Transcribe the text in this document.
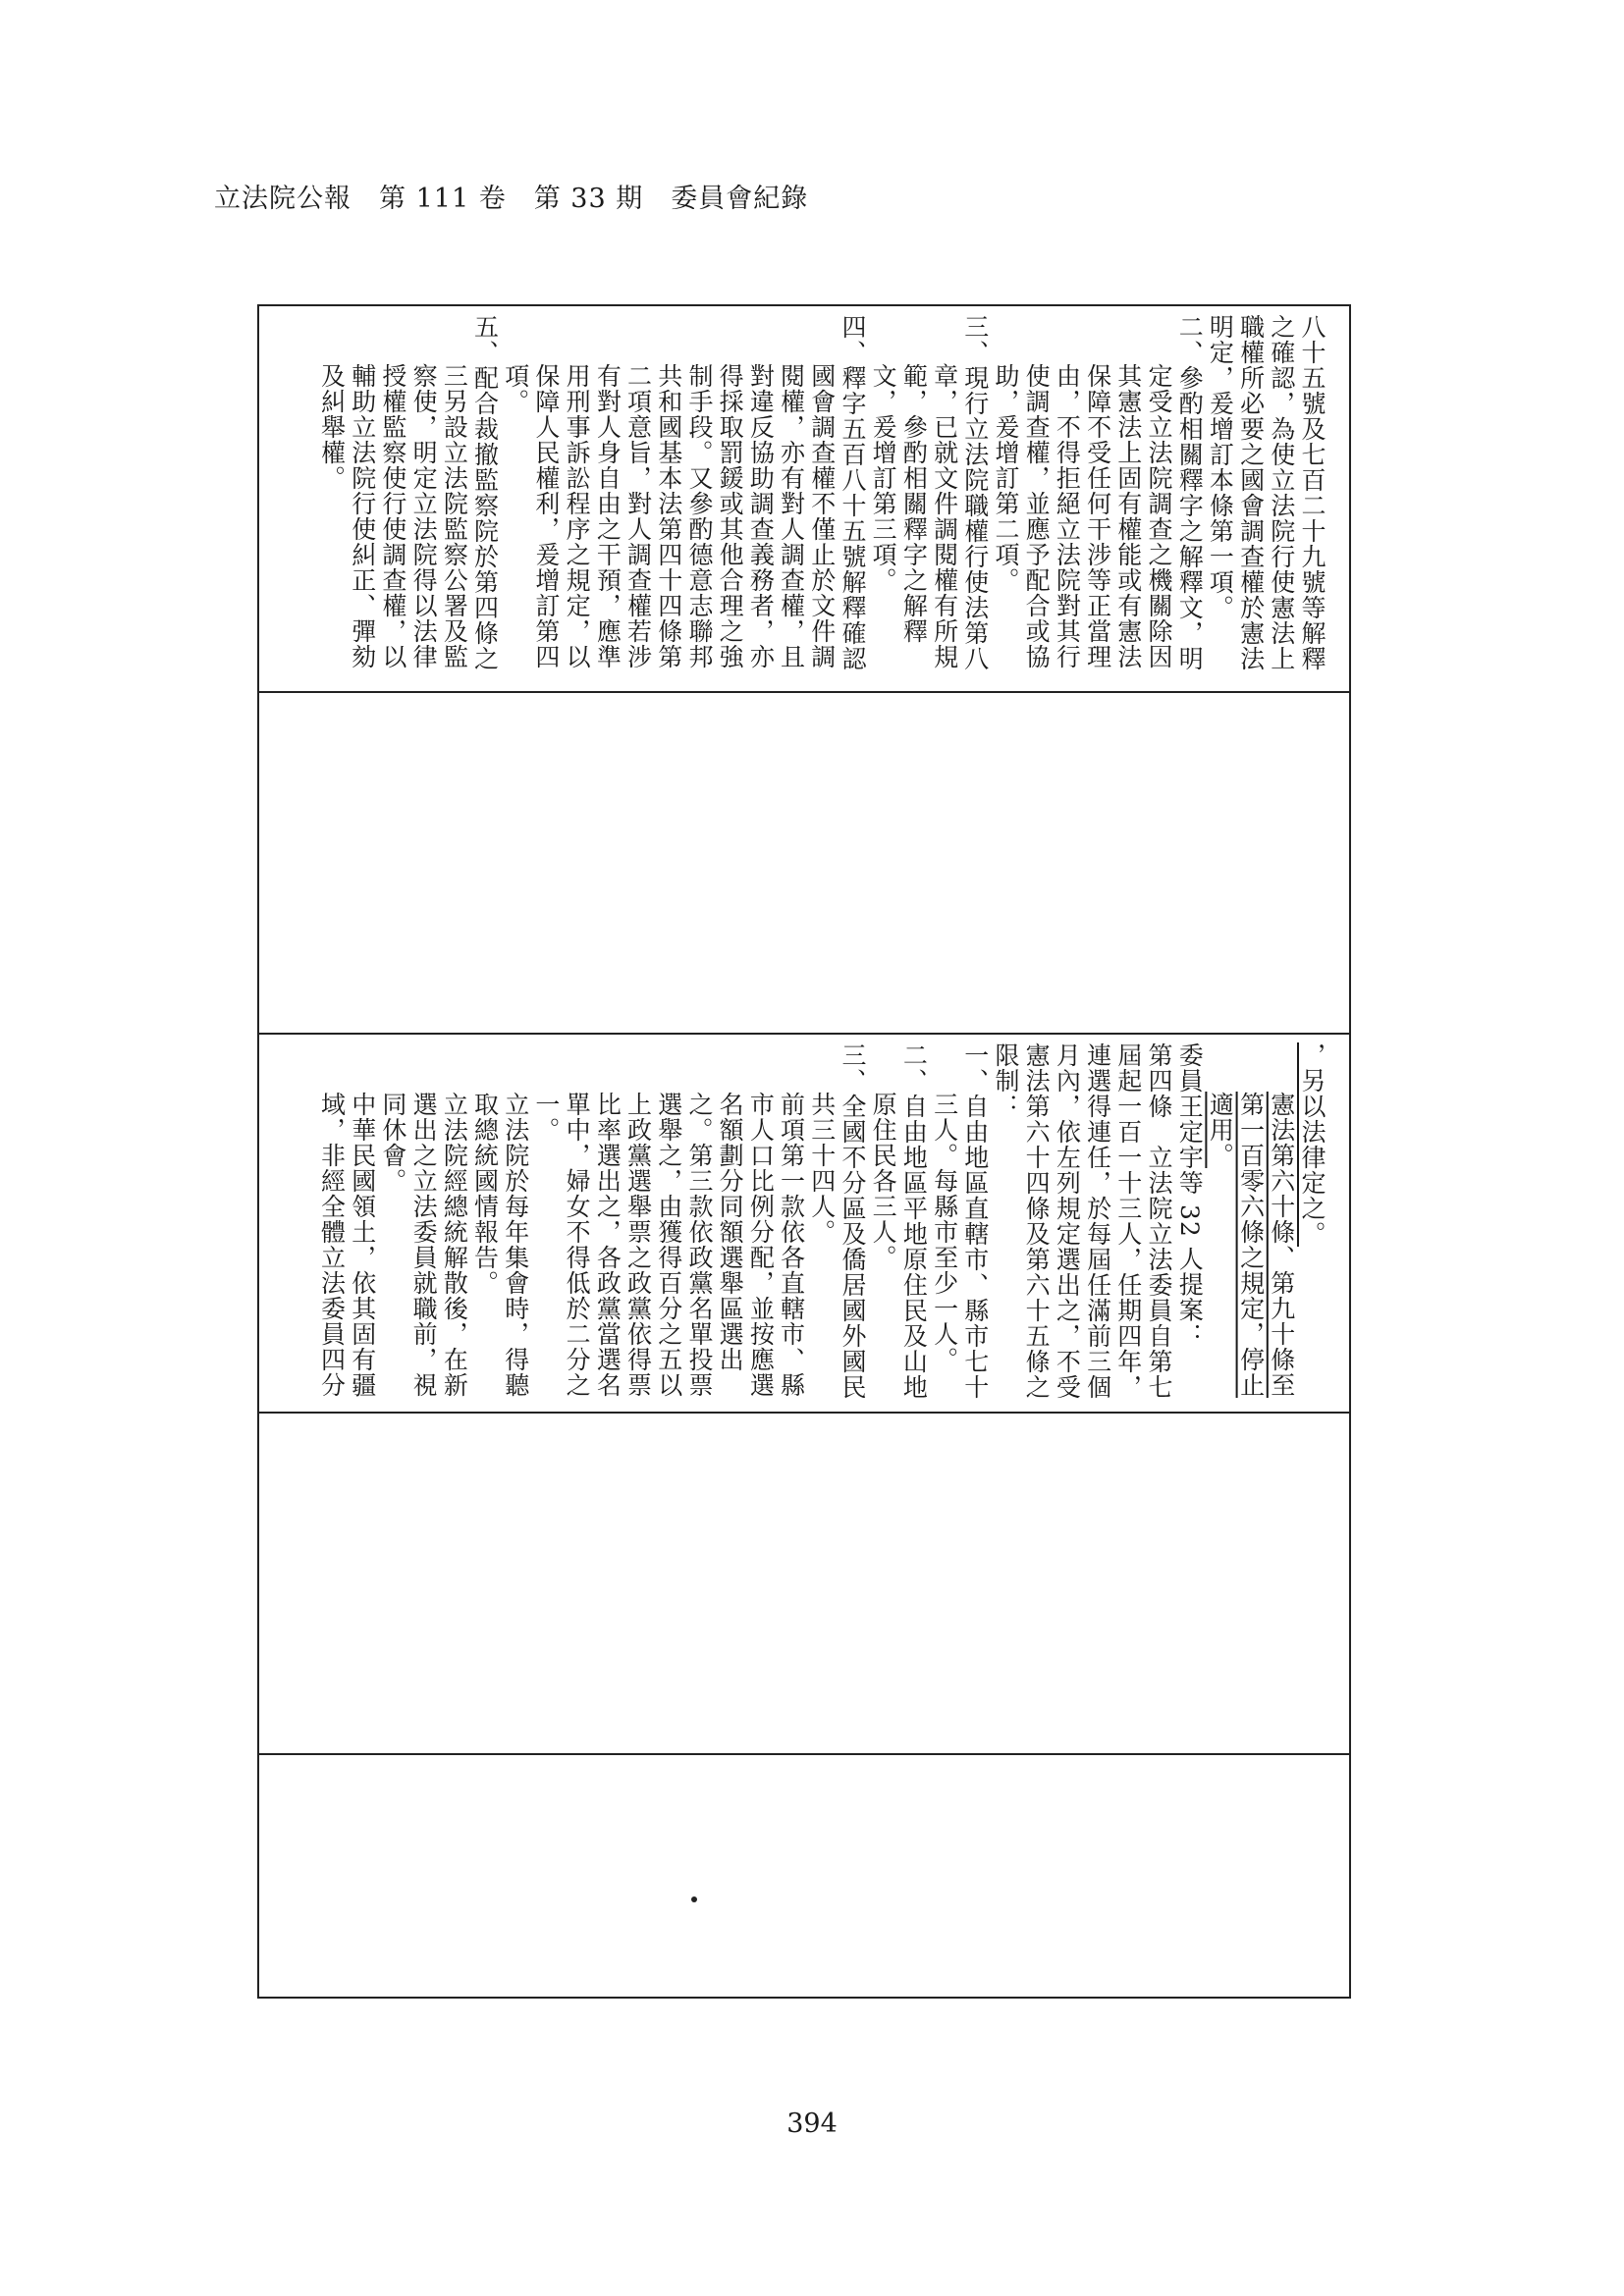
立法院公報　第 111 卷　第 33 期　委員會紀錄

八十五號及七百二十九號等解釋之確認，為使立法院行使憲法上職權所必要之國會調查權於憲法明定，爰增訂本條第一項。

二、參酌相關釋字之解釋文，明定受立法院調查之機關除因其憲法上固有權能或有憲法保障不受任何干涉等正當理由，不得拒絕立法院對其行使調查權，並應予配合或協助，爰增訂第二項。

三、現行立法院職權行使法第八章，已就文件調閱權有所規範，參酌相關釋字之解釋文，爰增訂第三項。

四、釋字五百八十五號解釋確認國會調查權不僅止於文件調閱權，亦有對人調查權，且對違反協助調查義務者，亦得採取罰鍰或其他合理之強制手段。又參酌德意志聯邦共和國基本法第四十四條第二項意旨，對人調查權若涉有對人身自由之干預，應準用刑事訴訟程序之規定，以保障人民權利，爰增訂第四項。

五、配合裁撤監察院於第四條之三另設立法院監察公署及監察使，明定立法院得以法律授權監察使行使調查權，以輔助立法院行使糾正、彈劾及糾舉權。

，另以法律定之。

憲法第六十條、第九十條至第一百零六條之規定，停止適用。

委員王定宇等 32 人提案：

第四條　立法院立法委員自第七屆起一百一十三人，任期四年，連選得連任，於每屆任滿前三個月內，依左列規定選出之，不受憲法第六十四條及第六十五條之限制：

一、自由地區直轄市、縣市七十三人。每縣市至少一人。

二、自由地區平地原住民及山地原住民各三人。

三、全國不分區及僑居國外國民共三十四人。

前項第一款依各直轄市、縣市人口比例分配，並按應選名額劃分同額選舉區選出之。第三款依政黨名單投票選舉之，由獲得百分之五以上政黨選舉票之政黨依得票比率選出之，各政黨當選名單中，婦女不得低於二分之一。

立法院於每年集會時，得聽取總統國情報告。

立法院經總統解散後，在新選出之立法委員就職前，視同休會。

中華民國領土，依其固有疆域，非經全體立法委員四分

394
